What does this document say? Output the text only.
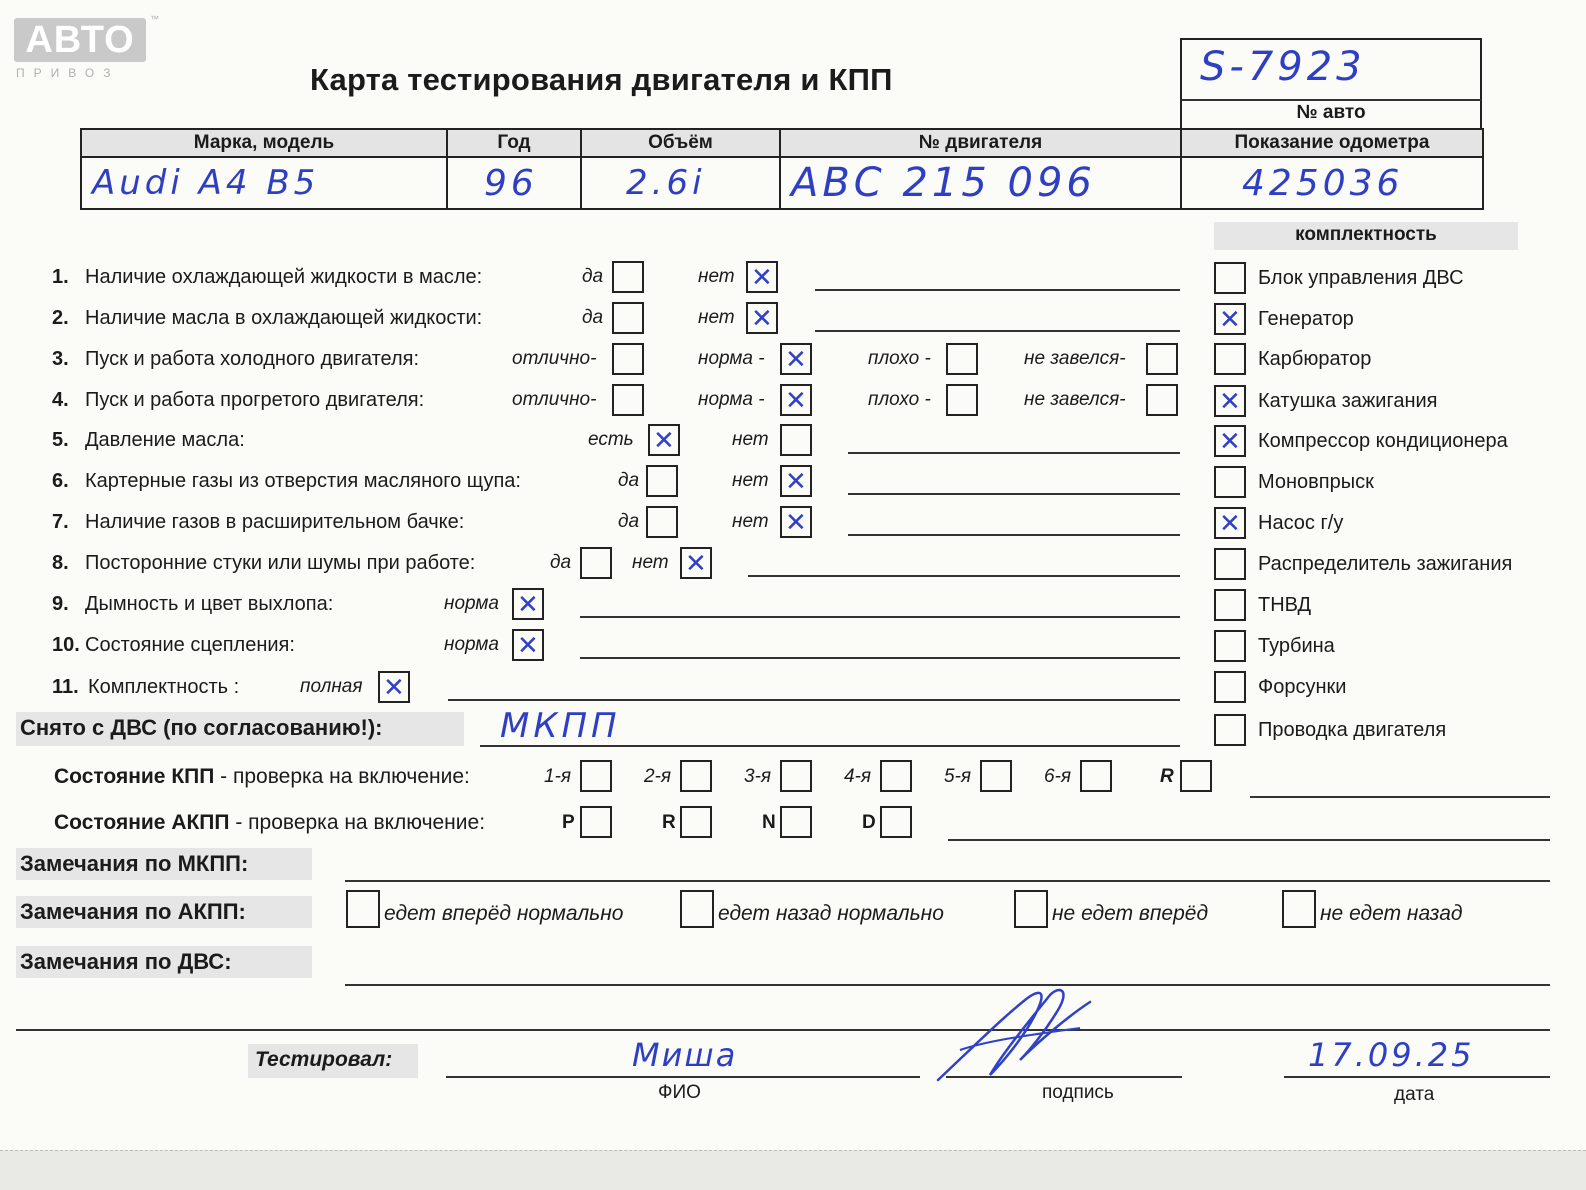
АВТО
ПРИВОЗ
™
Карта тестирования двигателя и КПП	S-7923
№ авто
Марка, модель	Год	Объём	№ двигателя	Показание одометра
Audi A4 B5	96	2.6i	ABC 215 096	425036
комплектность
Снято с ДВС (по согласованию!):	МКПП
Состояние КПП - проверка на включение:
Состояние АКПП - проверка на включение:
Замечания по МКПП:
Замечания по АКПП:
Замечания по ДВС:
Тестировал:	Миша
ФИО	подпись
17.09.25
дата
Блок управления ДВС
✕ Генератор
Карбюратор
✕ Катушка зажигания
✕ Компрессор кондиционера
Моновпрыск
✕ Насос г/у
Распределитель зажигания
ТНВД
Турбина
Форсунки
Проводка двигателя
1. Наличие охлаждающей жидкости в масле:	да	нет ✕
2. Наличие масла в охлаждающей жидкости:	да	нет ✕
3. Пуск и работа холодного двигателя:	отлично-	норма - ✕	плохо -	не завелся-
4. Пуск и работа прогретого двигателя:	отлично-	норма - ✕	плохо -	не завелся-
5. Давление масла:	есть ✕	нет
6. Картерные газы из отверстия масляного щупа:	да	нет ✕
7. Наличие газов в расширительном бачке:	да	нет ✕
8. Посторонние стуки или шумы при работе:	да	нет ✕
9. Дымность и цвет выхлопа:	норма ✕
10. Состояние сцепления:	норма ✕
11. Комплектность :	полная ✕
1-я	2-я	3-я	4-я	5-я	6-я	R
P	R	N	D
едет вперёд нормально	едет назад нормально	не едет вперёд	не едет назад
